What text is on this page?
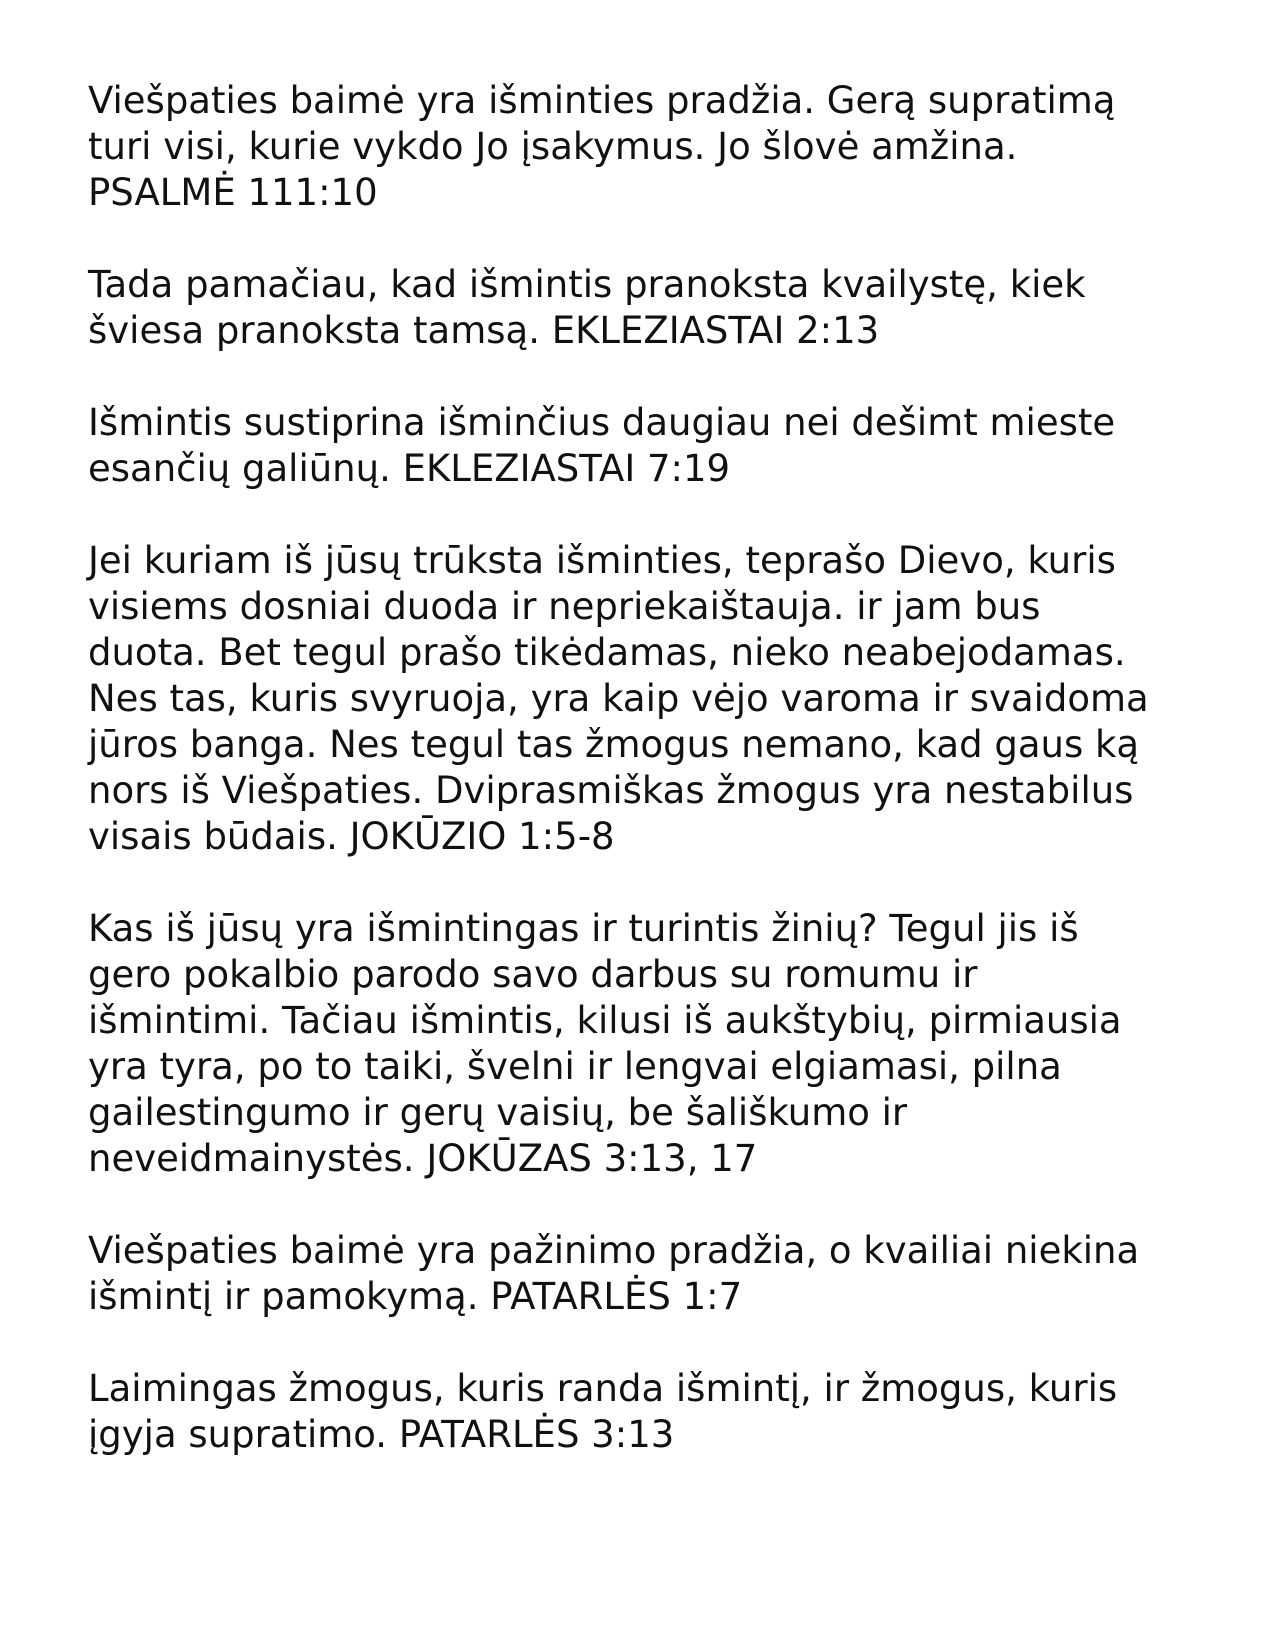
Viešpaties baimė yra išminties pradžia. Gerą supratimą
turi visi, kurie vykdo Jo įsakymus. Jo šlovė amžina.
PSALMĖ 111:10

Tada pamačiau, kad išmintis pranoksta kvailystę, kiek
šviesa pranoksta tamsą. EKLEZIASTAI 2:13

Išmintis sustiprina išminčius daugiau nei dešimt mieste
esančių galiūnų. EKLEZIASTAI 7:19

Jei kuriam iš jūsų trūksta išminties, teprašo Dievo, kuris
visiems dosniai duoda ir nepriekaištauja. ir jam bus
duota. Bet tegul prašo tikėdamas, nieko neabejodamas.
Nes tas, kuris svyruoja, yra kaip vėjo varoma ir svaidoma
jūros banga. Nes tegul tas žmogus nemano, kad gaus ką
nors iš Viešpaties. Dviprasmiškas žmogus yra nestabilus
visais būdais. JOKŪZIO 1:5-8

Kas iš jūsų yra išmintingas ir turintis žinių? Tegul jis iš
gero pokalbio parodo savo darbus su romumu ir
išmintimi. Tačiau išmintis, kilusi iš aukštybių, pirmiausia
yra tyra, po to taiki, švelni ir lengvai elgiamasi, pilna
gailestingumo ir gerų vaisių, be šališkumo ir
neveidmainystės. JOKŪZAS 3:13, 17

Viešpaties baimė yra pažinimo pradžia, o kvailiai niekina
išmintį ir pamokymą. PATARLĖS 1:7

Laimingas žmogus, kuris randa išmintį, ir žmogus, kuris
įgyja supratimo. PATARLĖS 3:13
